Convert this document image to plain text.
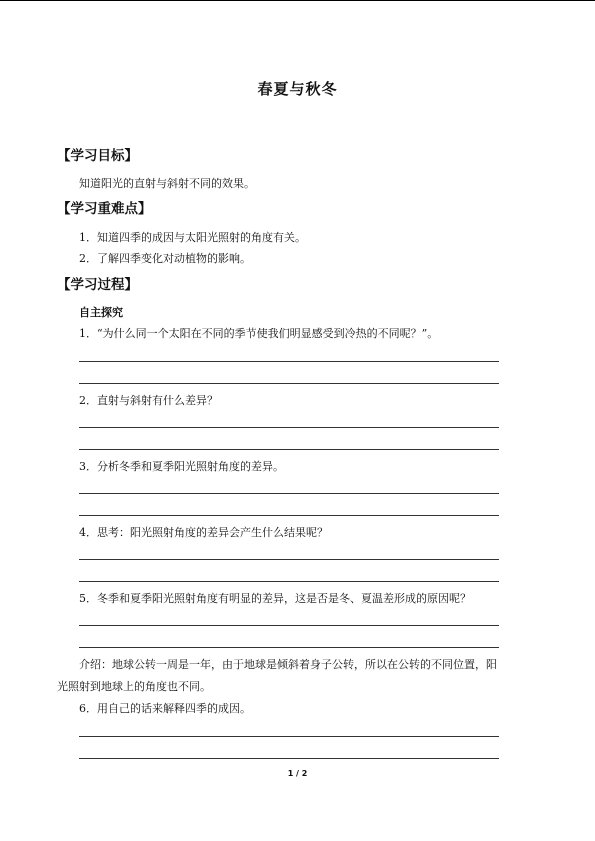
春夏与秋冬
【学习目标】
知道阳光的直射与斜射不同的效果。
【学习重难点】
1．知道四季的成因与太阳光照射的角度有关。
2．了解四季变化对动植物的影响。
【学习过程】
自主探究
1．“为什么同一个太阳在不同的季节使我们明显感受到冷热的不同呢？”。
2．直射与斜射有什么差异？
3．分析冬季和夏季阳光照射角度的差异。
4．思考：阳光照射角度的差异会产生什么结果呢？
5．冬季和夏季阳光照射角度有明显的差异，这是否是冬、夏温差形成的原因呢？
介绍：地球公转一周是一年，由于地球是倾斜着身子公转，所以在公转的不同位置，阳
光照射到地球上的角度也不同。
6．用自己的话来解释四季的成因。
1 / 2
